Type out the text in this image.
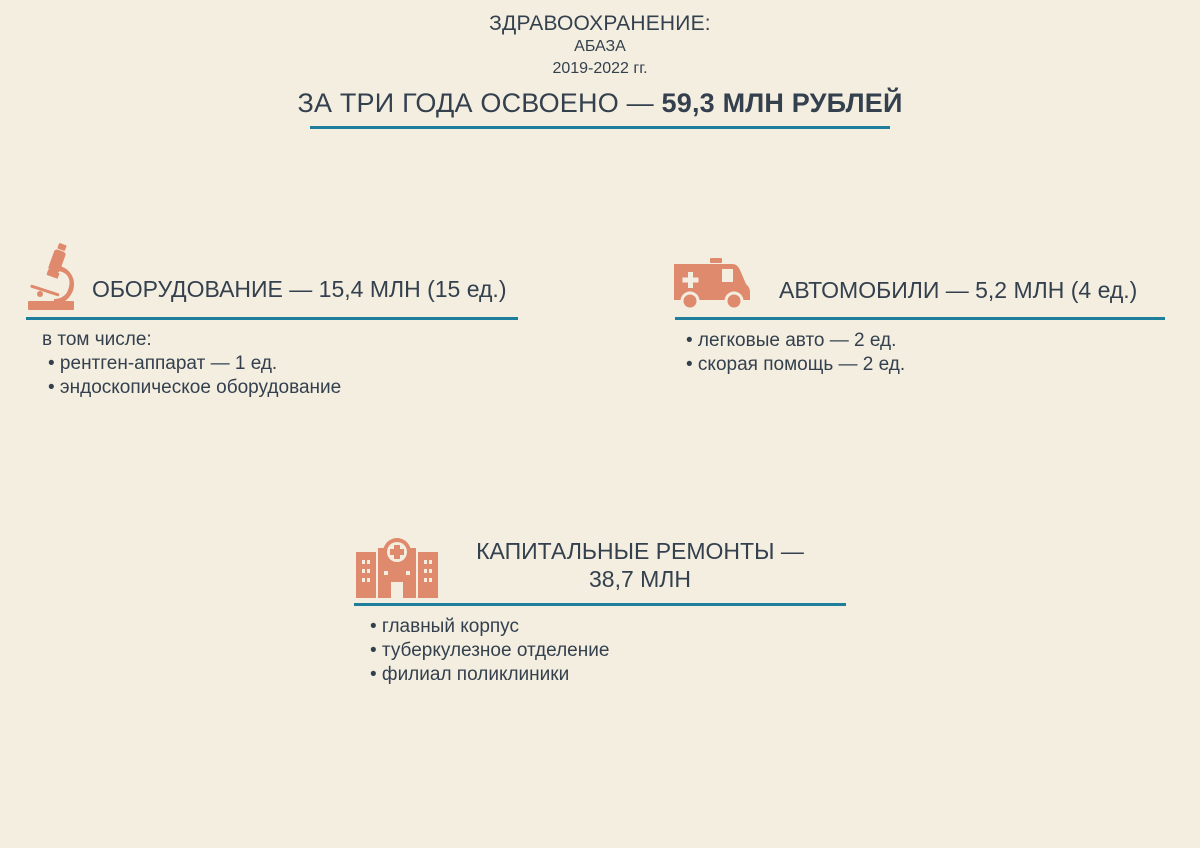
ЗДРАВООХРАНЕНИЕ:
АБАЗА
2019-2022 гг.
ЗА ТРИ ГОДА ОСВОЕНО — 59,3 МЛН РУБЛЕЙ
ОБОРУДОВАНИЕ — 15,4 МЛН (15 ед.)
в том числе:
• рентген-аппарат — 1 ед.
• эндоскопическое оборудование
АВТОМОБИЛИ — 5,2 МЛН (4 ед.)
• легковые авто — 2 ед.
• скорая помощь — 2 ед.
КАПИТАЛЬНЫЕ РЕМОНТЫ —
38,7 МЛН
• главный корпус
• туберкулезное отделение
• филиал поликлиники
